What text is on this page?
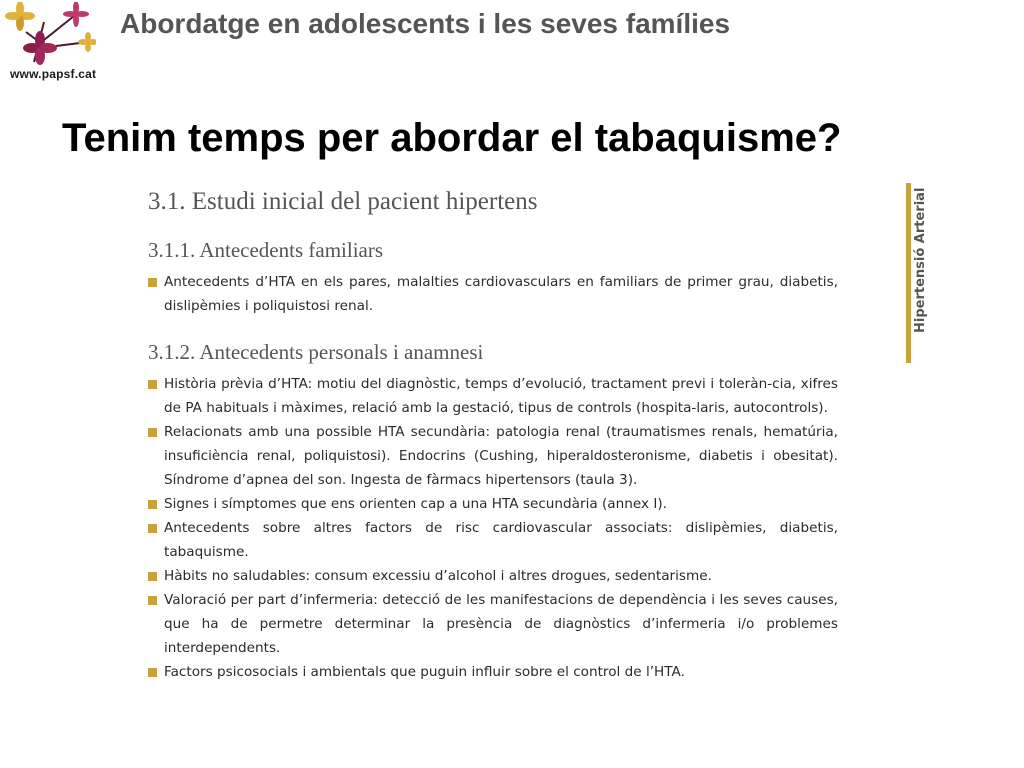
www.papsf.cat
Abordatge en adolescents i les seves famílies
Tenim temps per abordar el tabaquisme?
3.1. Estudi inicial del pacient hipertens
3.1.1. Antecedents familiars
Antecedents d’HTA en els pares, malalties cardiovasculars en familiars de primer grau, diabetis, dislipèmies i poliquistosi renal.
3.1.2. Antecedents personals i anamnesi
Història prèvia d’HTA: motiu del diagnòstic, temps d’evolució, tractament previ i toleràn-cia, xifres de PA habituals i màximes, relació amb la gestació, tipus de controls (hospita-laris, autocontrols).
Relacionats amb una possible HTA secundària: patologia renal (traumatismes renals, hematúria, insuficiència renal, poliquistosi). Endocrins (Cushing, hiperaldosteronisme, diabetis i obesitat). Síndrome d’apnea del son. Ingesta de fàrmacs hipertensors (taula 3).
Signes i símptomes que ens orienten cap a una HTA secundària (annex I).
Antecedents sobre altres factors de risc cardiovascular associats: dislipèmies, diabetis, tabaquisme.
Hàbits no saludables: consum excessiu d’alcohol i altres drogues, sedentarisme.
Valoració per part d’infermeria: detecció de les manifestacions de dependència i les seves causes, que ha de permetre determinar la presència de diagnòstics d’infermeria i/o problemes interdependents.
Factors psicosocials i ambientals que puguin influir sobre el control de l’HTA.
Hipertensió Arterial
